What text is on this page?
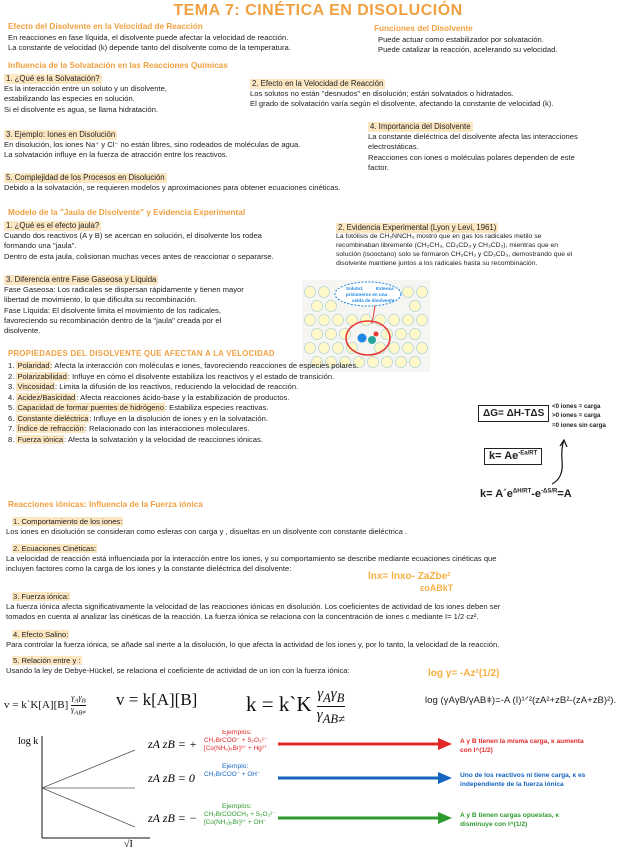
TEMA 7: CINÉTICA EN DISOLUCIÓN
Efecto del Disolvente en la Velocidad de Reacción
En reacciones en fase líquida, el disolvente puede afectar la velocidad de reacción.
La constante de velocidad (k) depende tanto del disolvente como de la temperatura.
Funciones del Disolvente
Puede actuar como estabilizador por solvatación.
Puede catalizar la reacción, acelerando su velocidad.
Influencia de la Solvatación en las Reacciones Químicas
1. ¿Qué es la Solvatación?
Es la interacción entre un soluto y un disolvente,
estabilizando las especies en solución.
Si el disolvente es agua, se llama hidratación.
2. Efecto en la Velocidad de Reacción
Los solutos no están "desnudos" en disolución; están solvatados o hidratados.
El grado de solvatación varía según el disolvente, afectando la constante de velocidad (k).
3. Ejemplo: Iones en Disolución
En disolución, los iones Na⁺ y Cl⁻ no están libres, sino rodeados de moléculas de agua.
La solvatación influye en la fuerza de atracción entre los reactivos.
4. Importancia del Disolvente
La constante dieléctrica del disolvente afecta las interacciones
electrostáticas.
Reacciones con iones o moléculas polares dependen de este
factor.
5. Complejidad de los Procesos en Disolución
Debido a la solvatación, se requieren modelos y aproximaciones para obtener ecuaciones cinéticas.
Modelo de la "Jaula de Disolvente" y Evidencia Experimental
1. ¿Qué es el efecto jaula?
Cuando dos reactivos (A y B) se acercan en solución, el disolvente los rodea
formando una "jaula".
Dentro de esta jaula, colisionan muchas veces antes de reaccionar o separarse.
2. Evidencia Experimental (Lyon y Levi, 1961)
La fotólisis de CH₃NNCH₃ mostró que en gas los radicales metilo se
recombinaban libremente (CH₃CH₃, CD₃CD₃ y CH₃CD₃), mientras que en
solución (isooctano) solo se formaron CH₃CH₃ y CD₃CD₃, demostrando que el
disolvente mantiene juntos a los radicales hasta su recombinación.
3. Diferencia entre Fase Gaseosa y Líquida
Fase Gaseosa: Los radicales se dispersan rápidamente y tienen mayor
libertad de movimiento, lo que dificulta su recombinación.
Fase Líquida: El disolvente limita el movimiento de los radicales,
favoreciendo su recombinación dentro de la "jaula" creada por el
disolvente.
Soluto1	Extensa
prisioneros en una
celda de disolvente
PROPIEDADES DEL DISOLVENTE QUE AFECTAN A LA VELOCIDAD
1. Polaridad: Afecta la interacción con moléculas e iones, favoreciendo reacciones de especies polares.
2. Polarizabilidad: Influye en cómo el disolvente estabiliza los reactivos y el estado de transición.
3. Viscosidad: Limita la difusión de los reactivos, reduciendo la velocidad de reacción.
4. Acidez/Basicidad: Afecta reacciones ácido-base y la estabilización de productos.
5. Capacidad de formar puentes de hidrógeno: Estabiliza especies reactivas.
6. Constante dieléctrica: Influye en la disolución de iones y en la solvatación.
7. Índice de refracción: Relacionado con las interacciones moleculares.
8. Fuerza iónica: Afecta la solvatación y la velocidad de reacciones iónicas.
ΔG= ΔH-TΔS
<0 iones = carga
>0 iones = carga
=0 iones sin carga
$k= Ae^{-Ea/RT}$
$k= A´e^{\Delta H/RT}-e^{-\Delta S/R}=A$
Reacciones iónicas: Influencia de la Fuerza iónica
1. Comportamiento de los iones:
Los iones en disolución se consideran como esferas con carga y , disueltas en un disolvente con constante dieléctrica .
2. Ecuaciones Cinéticas:
La velocidad de reacción está influenciada por la interacción entre los iones, y su comportamiento se describe mediante ecuaciones cinéticas que
incluyen factores como la carga de los iones y la constante dieléctrica del disolvente:
lnx= lnxo- ZaZbe²
εoABkT
3. Fuerza iónica:
La fuerza iónica afecta significativamente la velocidad de las reacciones iónicas en disolución. Los coeficientes de actividad de los iones deben ser
tomados en cuenta al analizar las cinéticas de la reacción. La fuerza iónica se relaciona con la concentración de iones c mediante I= 1/2 cz².
4. Efecto Salino:
Para controlar la fuerza iónica, se añade sal inerte a la disolución, lo que afecta la actividad de los iones y, por lo tanto, la velocidad de la reacción.
5. Relación entre y :
Usando la ley de Debye-Hückel, se relaciona el coeficiente de actividad de un ion con la fuerza iónica:	log γ= -Az²(1/2)
v = k`K[A][B]
$\gamma_A\gamma_B$
$\gamma_{AB\ne}$
v = k[A][B] k = k`K $\gamma_A\gamma_B$
$\gamma_{AB\ne}$
log (γAγB/γABǂ)=-A (I)¹ᐟ²(zA²+zB²-(zA+zB)²).
log k
√I
zA zB = +
Ejemplos:
CH₂BrCOO⁻ + S₂O₃²⁻
[Co(NH₃)₅Br]²⁺ + Hg²⁺
A y B tienen la misma carga, κ aumenta
con I^(1/2)
zA zB = 0
Ejemplo:
CH₂BrCOO⁻ + OH⁻	Uno de los reactivos ni tiene carga, κ es
independiente de la fuerza iónica
zA zB = −
Ejemplos:
CH₂BrCOOCH₃ + S₂O₃²⁻
[Co(NH₃)₅Br]²⁺ + OH⁻
A y B tienen cargas opuestas, κ
disminuye con I^(1/2)
